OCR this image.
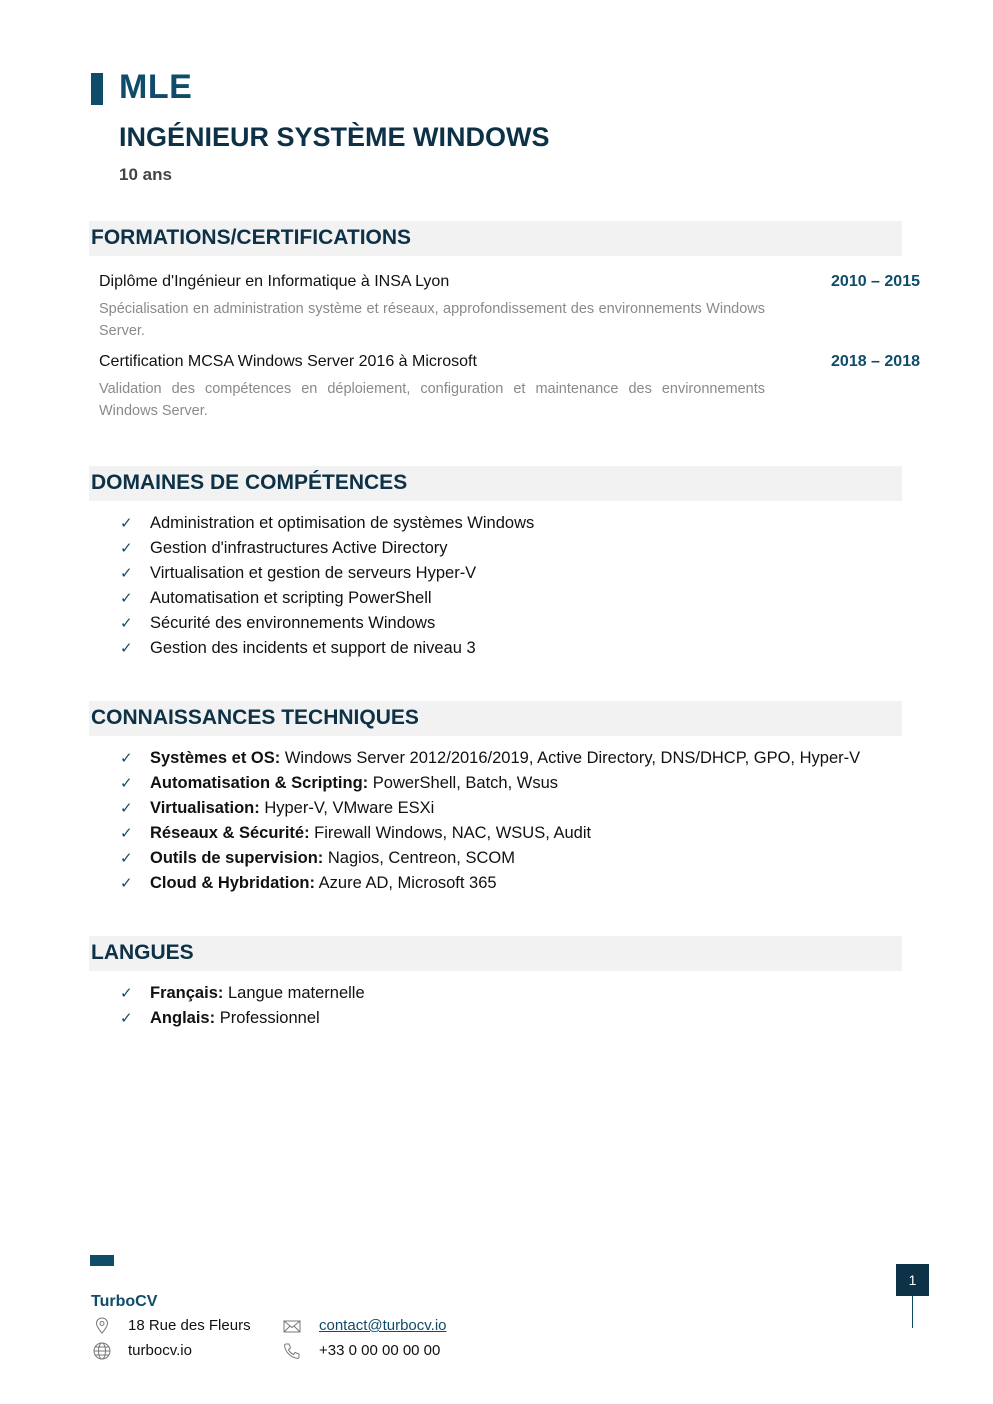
MLE
INGÉNIEUR SYSTÈME WINDOWS
10 ans
FORMATIONS/CERTIFICATIONS
Diplôme d'Ingénieur en Informatique à INSA Lyon	2010 – 2015
Spécialisation en administration système et réseaux, approfondissement des environnements Windows Server.
Certification MCSA Windows Server 2016 à Microsoft	2018 – 2018
Validation des compétences en déploiement, configuration et maintenance des environnements Windows Server.
DOMAINES DE COMPÉTENCES
✓ Administration et optimisation de systèmes Windows
✓ Gestion d'infrastructures Active Directory
✓ Virtualisation et gestion de serveurs Hyper-V
✓ Automatisation et scripting PowerShell
✓ Sécurité des environnements Windows
✓ Gestion des incidents et support de niveau 3
CONNAISSANCES TECHNIQUES
✓ Systèmes et OS: Windows Server 2012/2016/2019, Active Directory, DNS/DHCP, GPO, Hyper-V
✓ Automatisation & Scripting: PowerShell, Batch, Wsus
✓ Virtualisation: Hyper-V, VMware ESXi
✓ Réseaux & Sécurité: Firewall Windows, NAC, WSUS, Audit
✓ Outils de supervision: Nagios, Centreon, SCOM
✓ Cloud & Hybridation: Azure AD, Microsoft 365
LANGUES
✓ Français: Langue maternelle
✓ Anglais: Professionnel
TurboCV
18 Rue des Fleurs	contact@turbocv.io
turbocv.io	+33 0 00 00 00 00
1
